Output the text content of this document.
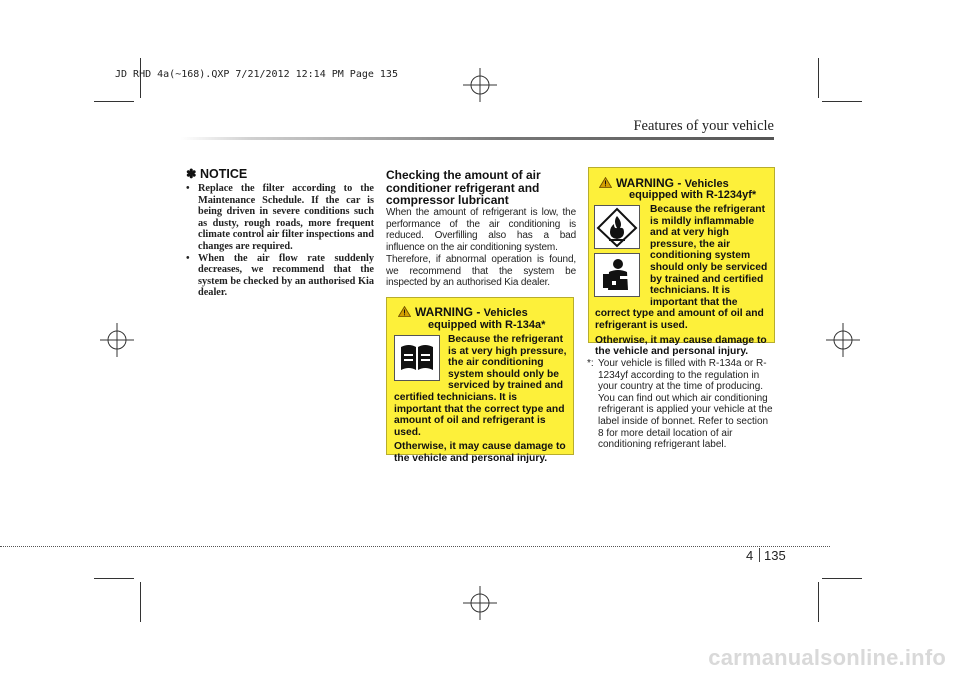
JD RHD 4a(~168).QXP 7/21/2012 12:14 PM Page 135
Features of your vehicle
✽ NOTICE
• Replace the filter according to the Maintenance Schedule. If the car is being driven in severe conditions such as dusty, rough roads, more frequent climate control air filter inspections and changes are required.
• When the air flow rate suddenly decreases, we recommend that the system be checked by an authorised Kia dealer.
Checking the amount of air conditioner refrigerant and compressor lubricant

When the amount of refrigerant is low, the performance of the air conditioning is reduced. Overfilling also has a bad influence on the air conditioning system.

Therefore, if abnormal operation is found, we recommend that the system be inspected by an authorised Kia dealer.

WARNING - Vehicles
equipped with R-134a*

Because the refrigerant is at very high pressure, the air conditioning system should only be serviced by trained and certified technicians. It is important that the correct type and amount of oil and refrigerant is used.

Otherwise, it may cause damage to the vehicle and personal injury.

WARNING - Vehicles
equipped with R-1234yf*

Because the refrigerant is mildly inflammable and at very high pressure, the air conditioning system should only be serviced by trained and certified technicians. It is important that the correct type and amount of oil and refrigerant is used.

Otherwise, it may cause damage to the vehicle and personal injury.

*: Your vehicle is filled with R-134a or R-1234yf according to the regulation in your country at the time of producing. You can find out which air conditioning refrigerant is applied your vehicle at the label inside of bonnet. Refer to section 8 for more detail location of air conditioning refrigerant label.
4 135
carmanualsonline.info
